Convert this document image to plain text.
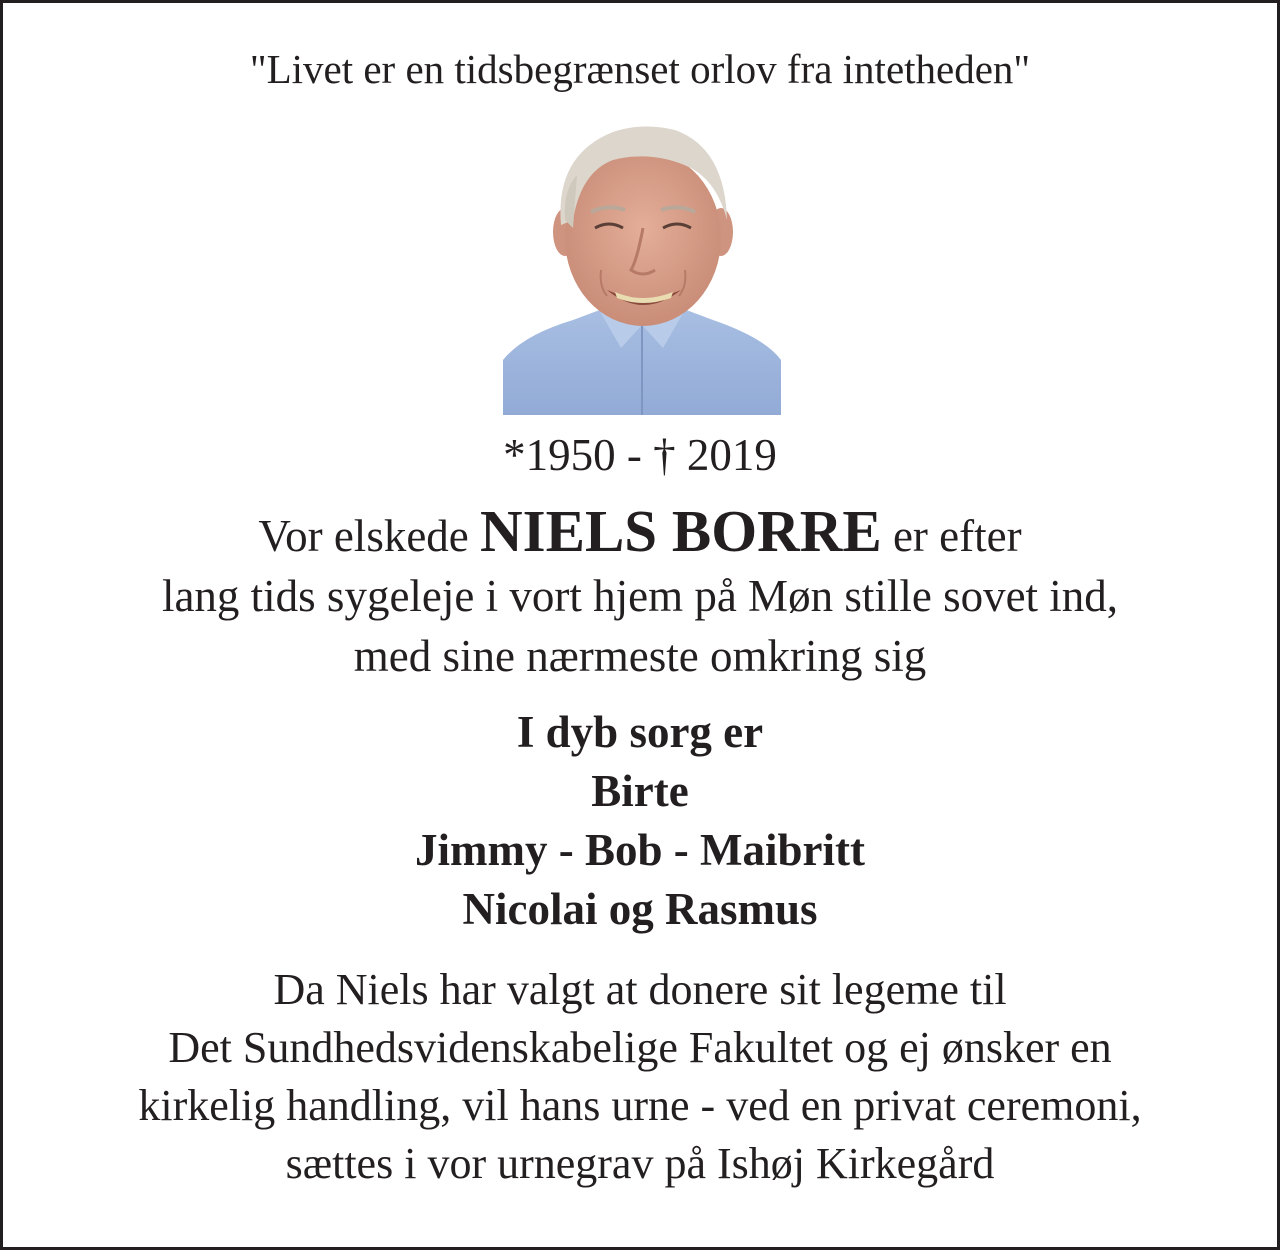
"Livet er en tidsbegrænset orlov fra intetheden"

*1950 - † 2019

Vor elskede NIELS BORRE er efter
lang tids sygeleje i vort hjem på Møn stille sovet ind,
med sine nærmeste omkring sig

I dyb sorg er
Birte
Jimmy - Bob - Maibritt
Nicolai og Rasmus

Da Niels har valgt at donere sit legeme til
Det Sundhedsvidenskabelige Fakultet og ej ønsker en
kirkelig handling, vil hans urne - ved en privat ceremoni,
sættes i vor urnegrav på Ishøj Kirkegård
